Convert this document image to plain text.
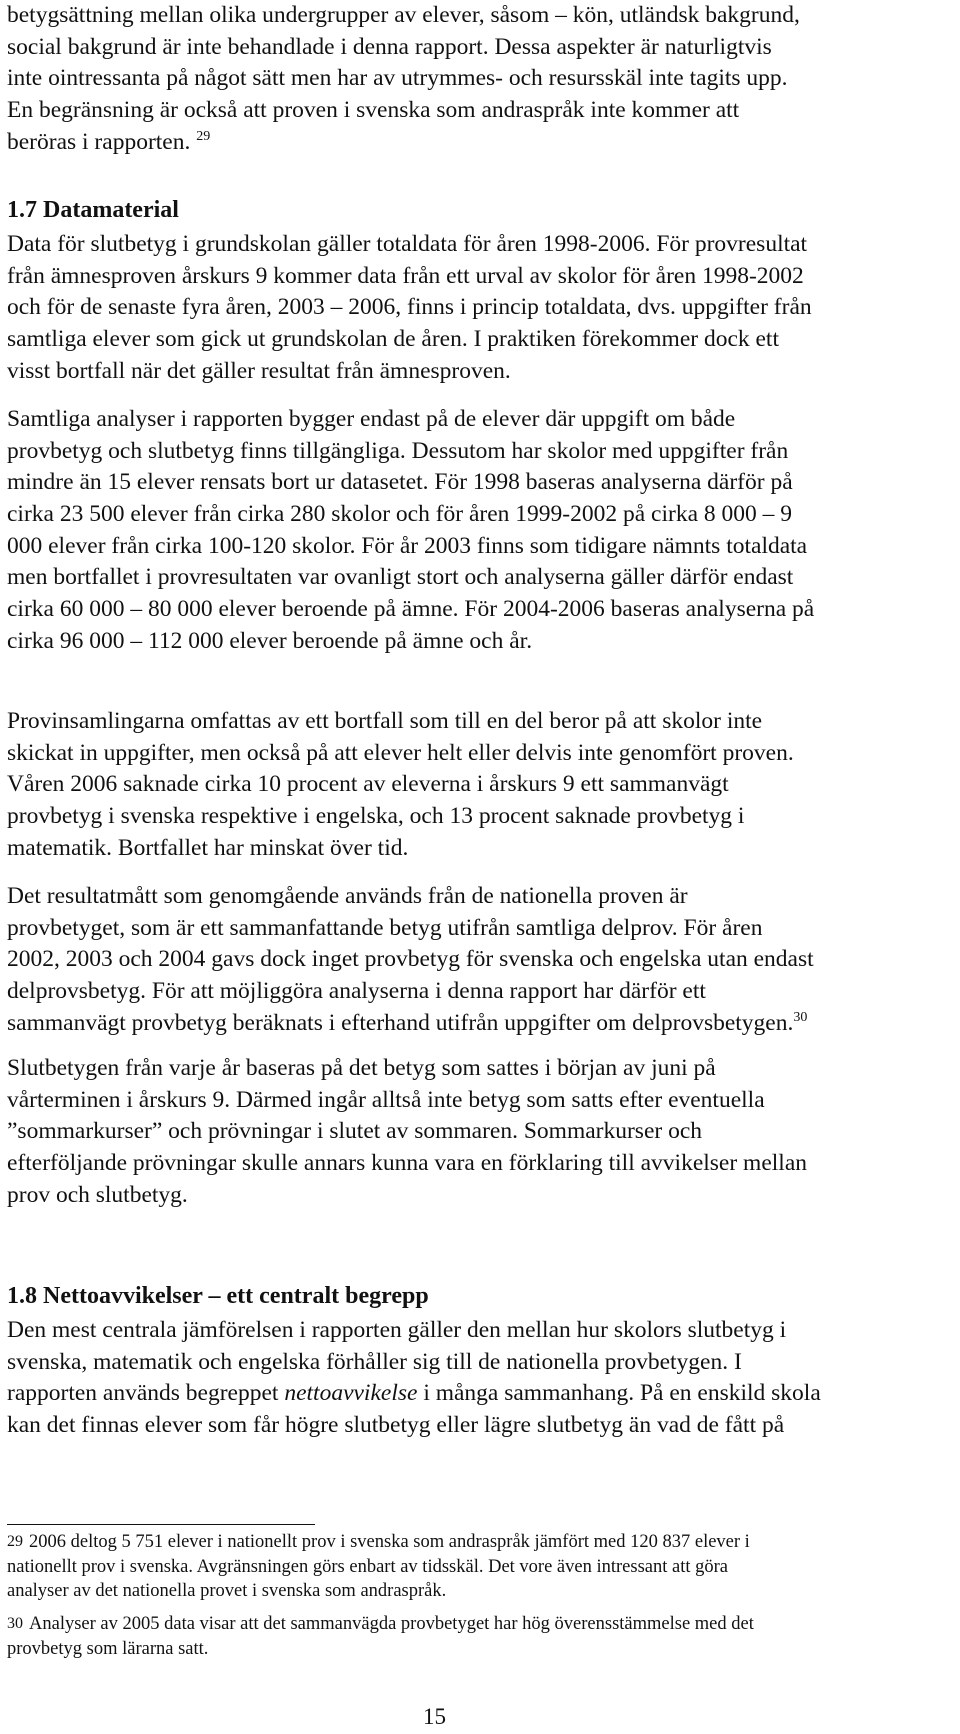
betygsättning mellan olika undergrupper av elever, såsom – kön, utländsk bakgrund,
social bakgrund är inte behandlade i denna rapport. Dessa aspekter är naturligtvis
inte ointressanta på något sätt men har av utrymmes- och resursskäl inte tagits upp.
En begränsning är också att proven i svenska som andraspråk inte kommer att
beröras i rapporten. $^{29}$

1.7 Datamaterial

Data för slutbetyg i grundskolan gäller totaldata för åren 1998-2006. För provresultat
från ämnesproven årskurs 9 kommer data från ett urval av skolor för åren 1998-2002
och för de senaste fyra åren, 2003 – 2006, finns i princip totaldata, dvs. uppgifter från
samtliga elever som gick ut grundskolan de åren. I praktiken förekommer dock ett
visst bortfall när det gäller resultat från ämnesproven.

Samtliga analyser i rapporten bygger endast på de elever där uppgift om både
provbetyg och slutbetyg finns tillgängliga. Dessutom har skolor med uppgifter från
mindre än 15 elever rensats bort ur datasetet. För 1998 baseras analyserna därför på
cirka 23 500 elever från cirka 280 skolor och för åren 1999-2002 på cirka 8 000 – 9
000 elever från cirka 100-120 skolor. För år 2003 finns som tidigare nämnts totaldata
men bortfallet i provresultaten var ovanligt stort och analyserna gäller därför endast
cirka 60 000 – 80 000 elever beroende på ämne. För 2004-2006 baseras analyserna på
cirka 96 000 – 112 000 elever beroende på ämne och år.

Provinsamlingarna omfattas av ett bortfall som till en del beror på att skolor inte
skickat in uppgifter, men också på att elever helt eller delvis inte genomfört proven.
Våren 2006 saknade cirka 10 procent av eleverna i årskurs 9 ett sammanvägt
provbetyg i svenska respektive i engelska, och 13 procent saknade provbetyg i
matematik. Bortfallet har minskat över tid.

Det resultatmått som genomgående används från de nationella proven är
provbetyget, som är ett sammanfattande betyg utifrån samtliga delprov. För åren
2002, 2003 och 2004 gavs dock inget provbetyg för svenska och engelska utan endast
delprovsbetyg. För att möjliggöra analyserna i denna rapport har därför ett
sammanvägt provbetyg beräknats i efterhand utifrån uppgifter om delprovsbetygen.$^{30}$

Slutbetygen från varje år baseras på det betyg som sattes i början av juni på
vårterminen i årskurs 9. Därmed ingår alltså inte betyg som satts efter eventuella
”sommarkurser” och prövningar i slutet av sommaren. Sommarkurser och
efterföljande prövningar skulle annars kunna vara en förklaring till avvikelser mellan
prov och slutbetyg.

1.8 Nettoavvikelser – ett centralt begrepp

Den mest centrala jämförelsen i rapporten gäller den mellan hur skolors slutbetyg i
svenska, matematik och engelska förhåller sig till de nationella provbetygen. I
rapporten används begreppet nettoavvikelse i många sammanhang. På en enskild skola
kan det finnas elever som får högre slutbetyg eller lägre slutbetyg än vad de fått på

29 2006 deltog 5 751 elever i nationellt prov i svenska som andraspråk jämfört med 120 837 elever i
nationellt prov i svenska. Avgränsningen görs enbart av tidsskäl. Det vore även intressant att göra
analyser av det nationella provet i svenska som andraspråk.
30 Analyser av 2005 data visar att det sammanvägda provbetyget har hög överensstämmelse med det
provbetyg som lärarna satt.
15
